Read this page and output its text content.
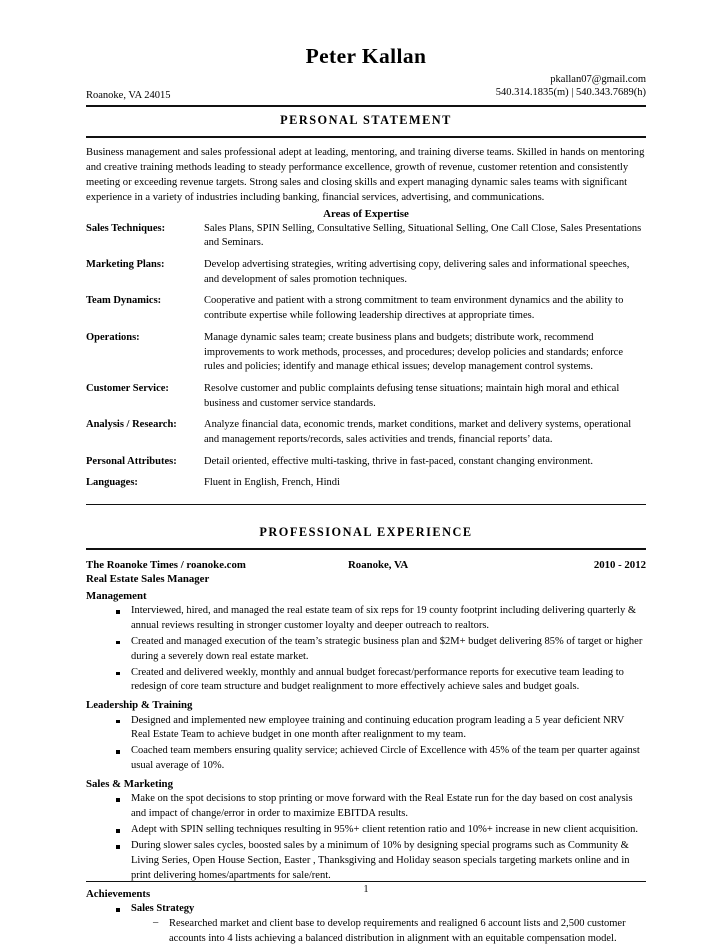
Peter Kallan
pkallan07@gmail.com
540.314.1835(m) | 540.343.7689(h)
Roanoke, VA 24015
PERSONAL STATEMENT
Business management and sales professional adept at leading, mentoring, and training diverse teams. Skilled in hands on mentoring and creative training methods leading to steady performance excellence, growth of revenue, customer retention and consistently meeting or exceeding revenue targets. Strong sales and closing skills and expert managing dynamic sales teams with significant experience in a variety of industries including banking, financial services, advertising, and communications.
Areas of Expertise
Sales Techniques:	Sales Plans, SPIN Selling, Consultative Selling, Situational Selling, One Call Close, Sales Presentations and Seminars.
Marketing Plans:	Develop advertising strategies, writing advertising copy, delivering sales and informational speeches, and development of sales promotion techniques.
Team Dynamics:	Cooperative and patient with a strong commitment to team environment dynamics and the ability to contribute expertise while following leadership directives at appropriate times.
Operations:	Manage dynamic sales team; create business plans and budgets; distribute work, recommend improvements to work methods, processes, and procedures; develop policies and standards; enforce rules and policies; identify and manage ethical issues; develop management control systems.
Customer Service:	Resolve customer and public complaints defusing tense situations; maintain high moral and ethical business and customer service standards.
Analysis / Research:	Analyze financial data, economic trends, market conditions, market and delivery systems, operational and management reports/records, sales activities and trends, financial reports’ data.
Personal Attributes:	Detail oriented, effective multi-tasking, thrive in fast-paced, constant changing environment.
Languages:	Fluent in English, French, Hindi
PROFESSIONAL EXPERIENCE
The Roanoke Times / roanoke.com	Roanoke, VA	2010 - 2012
Real Estate Sales Manager
Management
Interviewed, hired, and managed the real estate team of six reps for 19 county footprint including delivering quarterly & annual reviews resulting in stronger customer loyalty and deeper outreach to realtors.
Created and managed execution of the team’s strategic business plan and $2M+ budget delivering 85% of target or higher during a severely down real estate market.
Created and delivered weekly, monthly and annual budget forecast/performance reports for executive team leading to redesign of core team structure and budget realignment to more effectively achieve sales and budget goals.
Leadership & Training
Designed and implemented new employee training and continuing education program leading a 5 year deficient NRV Real Estate Team to achieve budget in one month after realignment to my team.
Coached team members ensuring quality service; achieved Circle of Excellence with 45% of the team per quarter against usual average of 10%.
Sales & Marketing
Make on the spot decisions to stop printing or move forward with the Real Estate run for the day based on cost analysis and impact of change/error in order to maximize EBITDA results.
Adept with SPIN selling techniques resulting in 95%+ client retention ratio and 10%+ increase in new client acquisition.
During slower sales cycles, boosted sales by a minimum of 10% by designing special programs such as Community & Living Series, Open House Section, Easter , Thanksgiving and Holiday season specials targeting markets online and in print delivering homes/apartments for sale/rent.
Achievements
Sales Strategy
– Researched market and client base to develop requirements and realigned 6 account lists and 2,500 customer accounts into 4 lists achieving a balanced distribution in alignment with an equitable compensation model.
1
